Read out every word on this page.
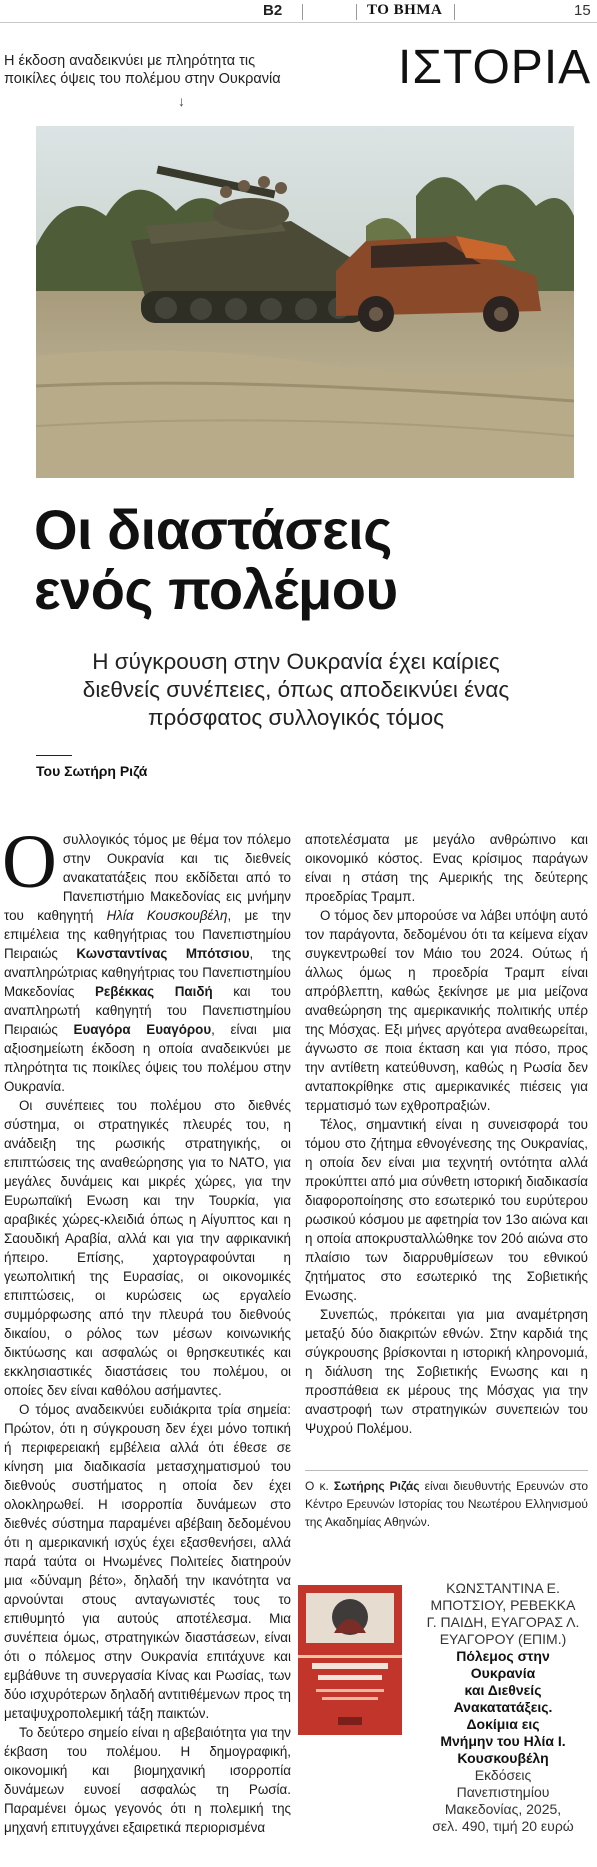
B2	ΤΟ ΒΗΜΑ	15
Η έκδοση αναδεικνύει με πληρότητα τις
ποικίλες όψεις του πολέμου στην Ουκρανία
↓
ΙΣΤΟΡΙΑ
Οι διαστάσεις
ενός πολέμου
Η σύγκρουση στην Ουκρανία έχει καίριες
διεθνείς συνέπειες, όπως αποδεικνύει ένας
πρόσφατος συλλογικός τόμος
Του Σωτήρη Ριζά

Οσυλλογικός τόμος με θέμα τον πόλεμο στην Ουκρανία και τις διεθνείς ανακατατάξεις που εκδίδεται από το Πανεπιστήμιο Μακεδονίας εις μνήμην του καθηγητή Ηλία Κουσκουβέλη, με την επιμέλεια της καθηγήτριας του Πανεπιστημίου Πειραιώς Κωνσταντίνας Μπότσιου, της αναπληρώτριας καθηγήτριας του Πανεπιστημίου Μακεδονίας Ρεβέκκας Παιδή και του αναπληρωτή καθηγητή του Πανεπιστημίου Πειραιώς Ευαγόρα Ευαγόρου, είναι μια αξιοσημείωτη έκδοση η οποία αναδεικνύει με πληρότητα τις ποικίλες όψεις του πολέμου στην Ουκρανία.

Οι συνέπειες του πολέμου στο διεθνές σύστημα, οι στρατηγικές πλευρές του, η ανάδειξη της ρωσικής στρατηγικής, οι επιπτώσεις της αναθεώρησης για το ΝΑΤΟ, για μεγάλες δυνάμεις και μικρές χώρες, για την Ευρωπαϊκή Ενωση και την Τουρκία, για αραβικές χώρες-κλειδιά όπως η Αίγυπτος και η Σαουδική Αραβία, αλλά και για την αφρικανική ήπειρο. Επίσης, χαρτογραφούνται η γεωπολιτική της Ευρασίας, οι οικονομικές επιπτώσεις, οι κυρώσεις ως εργαλείο συμμόρφωσης από την πλευρά του διεθνούς δικαίου, ο ρόλος των μέσων κοινωνικής δικτύωσης και ασφαλώς οι θρησκευτικές και εκκλησιαστικές διαστάσεις του πολέμου, οι οποίες δεν είναι καθόλου ασήμαντες.

Ο τόμος αναδεικνύει ευδιάκριτα τρία σημεία: Πρώτον, ότι η σύγκρουση δεν έχει μόνο τοπική ή περιφερειακή εμβέλεια αλλά ότι έθεσε σε κίνηση μια διαδικασία μετασχηματισμού του διεθνούς συστήματος η οποία δεν έχει ολοκληρωθεί. Η ισορροπία δυνάμεων στο διεθνές σύστημα παραμένει αβέβαιη δεδομένου ότι η αμερικανική ισχύς έχει εξασθενήσει, αλλά παρά ταύτα οι Ηνωμένες Πολιτείες διατηρούν μια «δύναμη βέτο», δηλαδή την ικανότητα να αρνούνται στους ανταγωνιστές τους το επιθυμητό για αυτούς αποτέλεσμα. Μια συνέπεια όμως, στρατηγικών διαστάσεων, είναι ότι ο πόλεμος στην Ουκρανία επιτάχυνε και εμβάθυνε τη συνεργασία Κίνας και Ρωσίας, των δύο ισχυρότερων δηλαδή αντιτιθέμενων προς τη μεταψυχροπολεμική τάξη παικτών.

Το δεύτερο σημείο είναι η αβεβαιότητα για την έκβαση του πολέμου. Η δημογραφική, οικονομική και βιομηχανική ισορροπία δυνάμεων ευνοεί ασφαλώς τη Ρωσία. Παραμένει όμως γεγονός ότι η πολεμική της μηχανή επιτυγχάνει εξαιρετικά περιορισμένα

αποτελέσματα με μεγάλο ανθρώπινο και οικονομικό κόστος. Ενας κρίσιμος παράγων είναι η στάση της Αμερικής της δεύτερης προεδρίας Τραμπ.

Ο τόμος δεν μπορούσε να λάβει υπόψη αυτό τον παράγοντα, δεδομένου ότι τα κείμενα είχαν συγκεντρωθεί τον Μάιο του 2024. Ούτως ή άλλως όμως η προεδρία Τραμπ είναι απρόβλεπτη, καθώς ξεκίνησε με μια μείζονα αναθεώρηση της αμερικανικής πολιτικής υπέρ της Μόσχας. Εξι μήνες αργότερα αναθεωρείται, άγνωστο σε ποια έκταση και για πόσο, προς την αντίθετη κατεύθυνση, καθώς η Ρωσία δεν ανταποκρίθηκε στις αμερικανικές πιέσεις για τερματισμό των εχθροπραξιών.

Τέλος, σημαντική είναι η συνεισφορά του τόμου στο ζήτημα εθνογένεσης της Ουκρανίας, η οποία δεν είναι μια τεχνητή οντότητα αλλά προκύπτει από μια σύνθετη ιστορική διαδικασία διαφοροποίησης στο εσωτερικό του ευρύτερου ρωσικού κόσμου με αφετηρία τον 13ο αιώνα και η οποία αποκρυσταλλώθηκε τον 20ό αιώνα στο πλαίσιο των διαρρυθμίσεων του εθνικού ζητήματος στο εσωτερικό της Σοβιετικής Ενωσης.

Συνεπώς, πρόκειται για μια αναμέτρηση μεταξύ δύο διακριτών εθνών. Στην καρδιά της σύγκρουσης βρίσκονται η ιστορική κληρονομιά, η διάλυση της Σοβιετικής Ενωσης και η προσπάθεια εκ μέρους της Μόσχας για την αναστροφή των στρατηγικών συνεπειών του Ψυχρού Πολέμου.

Ο κ. Σωτήρης Ριζάς είναι διευθυντής Ερευνών στο Κέντρο Ερευνών Ιστορίας του Νεωτέρου Ελληνισμού της Ακαδημίας Αθηνών.
ΚΩΝΣΤΑΝΤΙΝΑ Ε.
ΜΠΟΤΣΙΟΥ, ΡΕΒΕΚΚΑ
Γ. ΠΑΙΔΗ, ΕΥΑΓΟΡΑΣ Λ.
ΕΥΑΓΟΡΟΥ (ΕΠΙΜ.)
Πόλεμος στην
Ουκρανία
και Διεθνείς
Ανακατατάξεις.
Δοκίμια εις
Μνήμην του Ηλία Ι.
Κουσκουβέλη
Εκδόσεις
Πανεπιστημίου
Μακεδονίας, 2025,
σελ. 490, τιμή 20 ευρώ
